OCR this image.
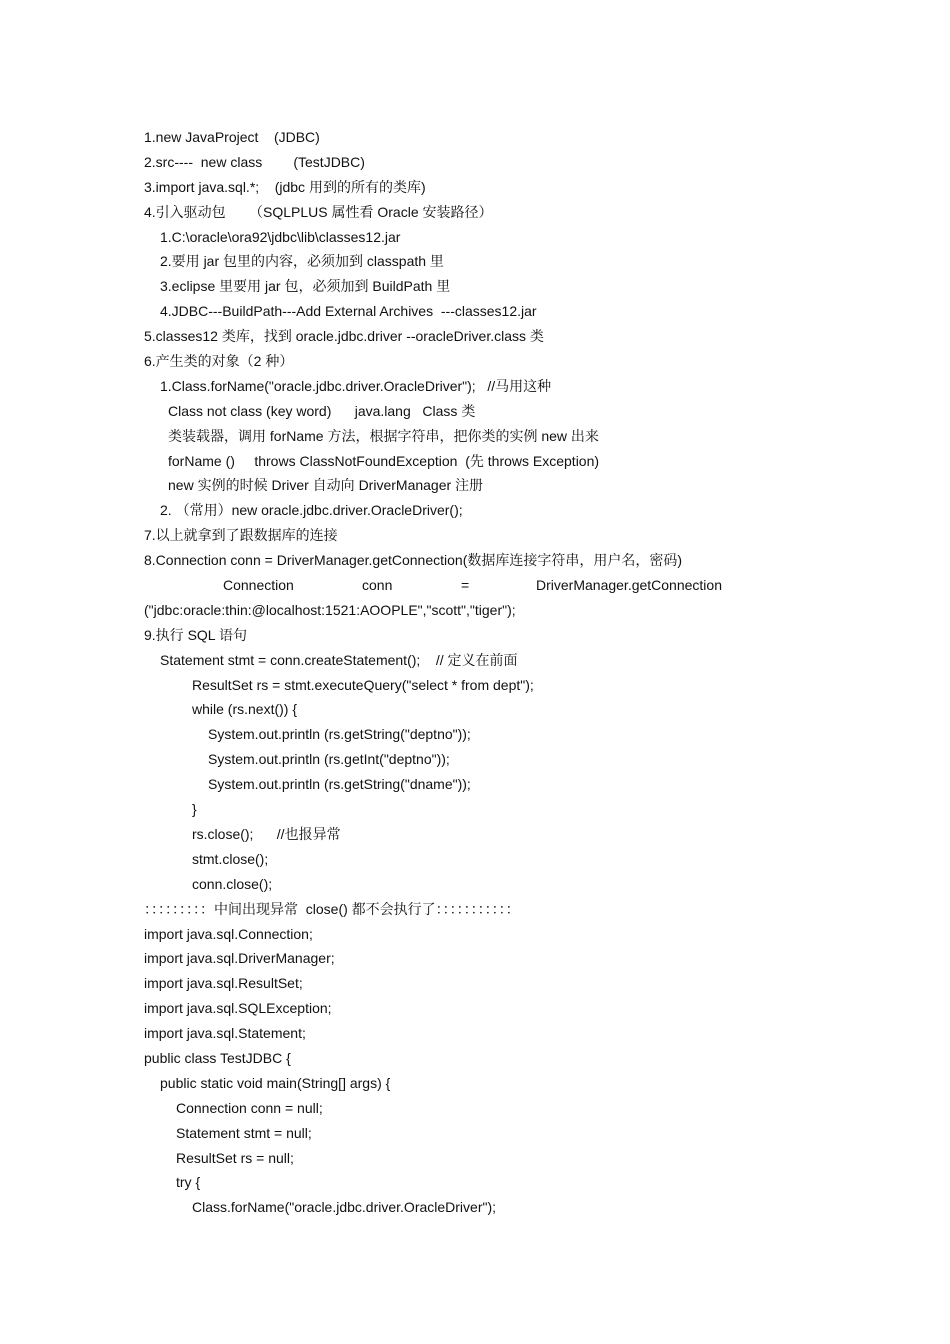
1.new JavaProject    (JDBC)
2.src----  new class        (TestJDBC)
3.import java.sql.*;    (jdbc 用到的所有的类库)
4.引入驱动包      （SQLPLUS 属性看 Oracle 安装路径）
1.C:\oracle\ora92\jdbc\lib\classes12.jar
2.要用 jar 包里的内容，必须加到 classpath 里
3.eclipse 里要用 jar 包，必须加到 BuildPath 里
4.JDBC---BuildPath---Add External Archives  ---classes12.jar
5.classes12 类库，找到 oracle.jdbc.driver --oracleDriver.class 类
6.产生类的对象（2 种）
1.Class.forName("oracle.jdbc.driver.OracleDriver");   //马用这种
Class not class (key word)      java.lang   Class 类
类装载器，调用 forName 方法，根据字符串，把你类的实例 new 出来
forName ()     throws ClassNotFoundException  (先 throws Exception)
new 实例的时候 Driver 自动向 DriverManager 注册
2. （常用）new oracle.jdbc.driver.OracleDriver();
7.以上就拿到了跟数据库的连接
8.Connection conn = DriverManager.getConnection(数据库连接字符串，用户名，密码)

Connection

	conn

	=

	DriverManager.getConnection

("jdbc:oracle:thin:@localhost:1521:AOOPLE","scott","tiger");
9.执行 SQL 语句
Statement stmt = conn.createStatement();    // 定义在前面
ResultSet rs = stmt.executeQuery("select * from dept");
while (rs.next()) {
System.out.println (rs.getString("deptno"));
System.out.println (rs.getInt("deptno"));
System.out.println (rs.getString("dname"));
}
rs.close();      //也报异常
stmt.close();
conn.close();
：：：：：：：：：中间出现异常  close() 都不会执行了：：：：：：：：：：：
import java.sql.Connection;
import java.sql.DriverManager;
import java.sql.ResultSet;
import java.sql.SQLException;
import java.sql.Statement;
public class TestJDBC {
public static void main(String[] args) {
Connection conn = null;
Statement stmt = null;
ResultSet rs = null;
try {
Class.forName("oracle.jdbc.driver.OracleDriver");
